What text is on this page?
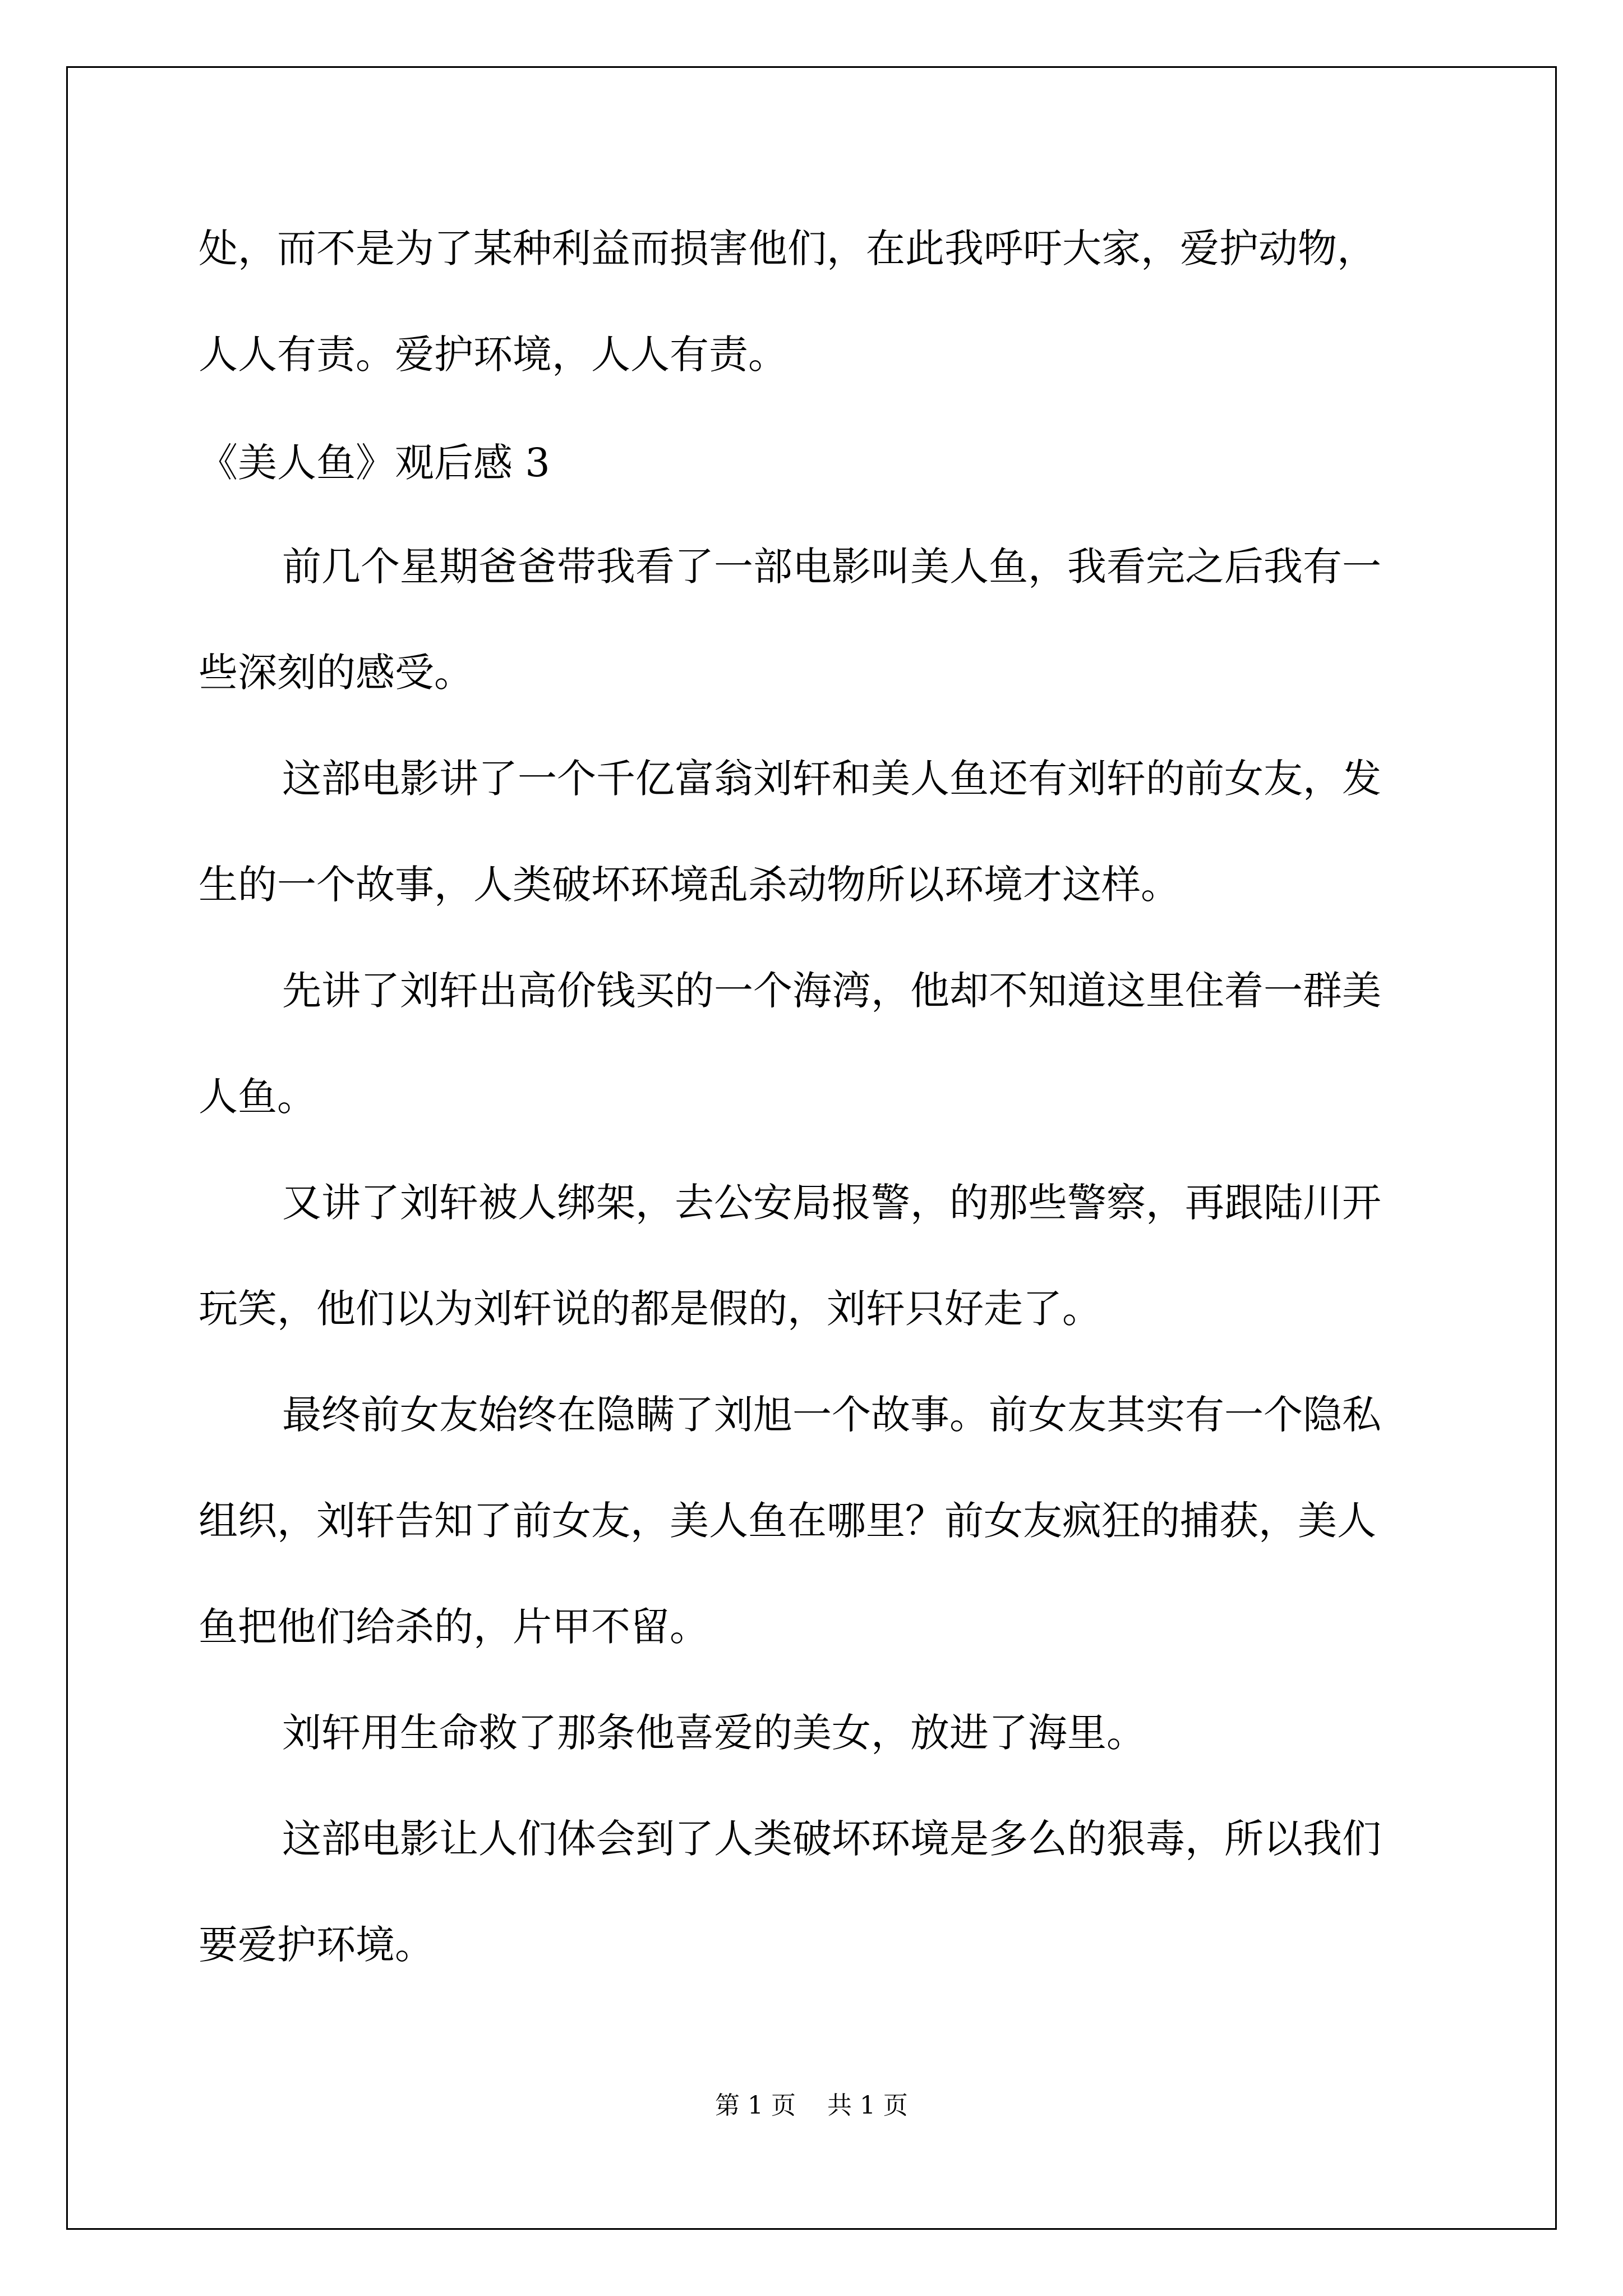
处，而不是为了某种利益而损害他们，在此我呼吁大家，爱护动物，
人人有责。爱护环境，人人有责。
《美人鱼》观后感 3
前几个星期爸爸带我看了一部电影叫美人鱼，我看完之后我有一
些深刻的感受。
这部电影讲了一个千亿富翁刘轩和美人鱼还有刘轩的前女友，发
生的一个故事，人类破坏环境乱杀动物所以环境才这样。
先讲了刘轩出高价钱买的一个海湾，他却不知道这里住着一群美
人鱼。
又讲了刘轩被人绑架，去公安局报警，的那些警察，再跟陆川开
玩笑，他们以为刘轩说的都是假的，刘轩只好走了。
最终前女友始终在隐瞒了刘旭一个故事。前女友其实有一个隐私
组织，刘轩告知了前女友，美人鱼在哪里？前女友疯狂的捕获，美人
鱼把他们给杀的，片甲不留。
刘轩用生命救了那条他喜爱的美女，放进了海里。
这部电影让人们体会到了人类破坏环境是多么的狠毒，所以我们
要爱护环境。
第 1 页    共 1 页
